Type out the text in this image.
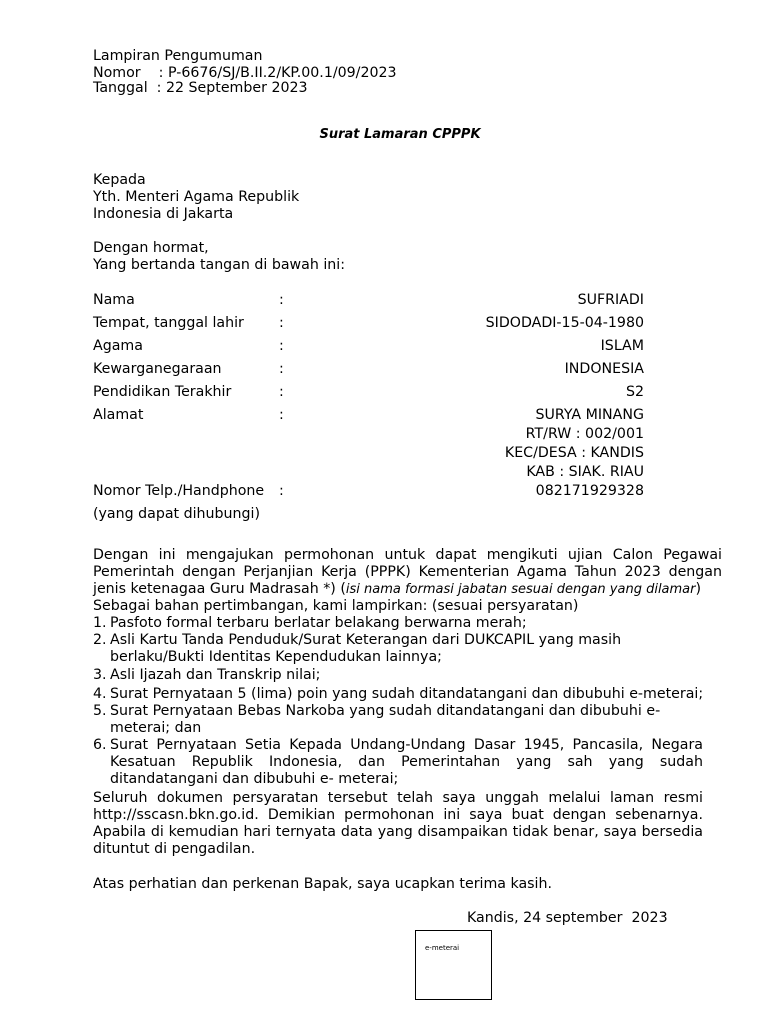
Lampiran Pengumuman
Nomor    : P-6676/SJ/B.II.2/KP.00.1/09/2023
Tanggal  : 22 September 2023
Surat Lamaran CPPPK
Kepada
Yth. Menteri Agama Republik
Indonesia di Jakarta
Dengan hormat,
Yang bertanda tangan di bawah ini:
Nama	:	SUFRIADI
Tempat, tanggal lahir :	SIDODADI-15-04-1980
Agama	:	ISLAM
Kewarganegaraan	:	INDONESIA
Pendidikan Terakhir	:	S2
Alamat	:	SURYA MINANG
RT/RW : 002/001
KEC/DESA : KANDIS
KAB : SIAK. RIAU
Nomor Telp./Handphone :	082171929328
(yang dapat dihubungi)
Dengan ini mengajukan permohonan untuk dapat mengikuti ujian Calon Pegawai Pemerintah dengan Perjanjian Kerja (PPPK) Kementerian Agama Tahun 2023 dengan jenis ketenagaa Guru Madrasah *) (isi nama formasi jabatan sesuai dengan yang dilamar)
Sebagai bahan pertimbangan, kami lampirkan: (sesuai persyaratan)
1. Pasfoto formal terbaru berlatar belakang berwarna merah;
2. Asli Kartu Tanda Penduduk/Surat Keterangan dari DUKCAPIL yang masih berlaku/Bukti Identitas Kependudukan lainnya;
3. Asli Ijazah dan Transkrip nilai;
4. Surat Pernyataan 5 (lima) poin yang sudah ditandatangani dan dibubuhi e-meterai;
5. Surat Pernyataan Bebas Narkoba yang sudah ditandatangani dan dibubuhi e-meterai; dan
6. Surat Pernyataan Setia Kepada Undang-Undang Dasar 1945, Pancasila, Negara Kesatuan Republik Indonesia, dan Pemerintahan yang sah yang sudah ditandatangani dan dibubuhi e- meterai;
Seluruh dokumen persyaratan tersebut telah saya unggah melalui laman resmi http://sscasn.bkn.go.id. Demikian permohonan ini saya buat dengan sebenarnya. Apabila di kemudian hari ternyata data yang disampaikan tidak benar, saya bersedia dituntut di pengadilan.
Atas perhatian dan perkenan Bapak, saya ucapkan terima kasih.
Kandis, 24 september  2023
e-meterai
